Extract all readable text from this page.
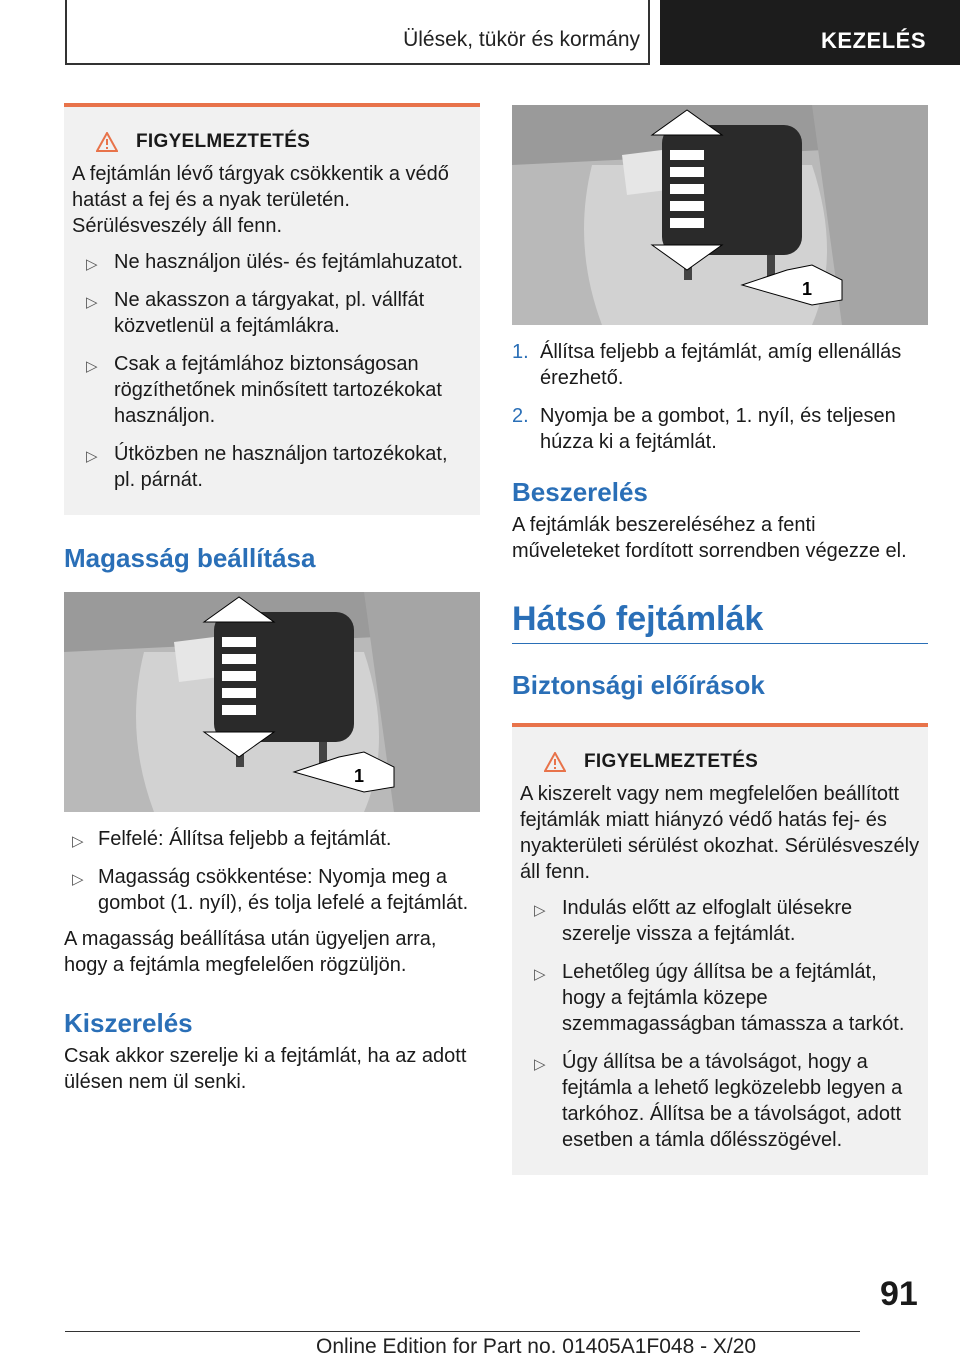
Ülések, tükör és kormány	KEZELÉS
FIGYELMEZTETÉS

A fejtámlán lévő tárgyak csökkentik a védő hatást a fej és a nyak területén. Sérülésveszély áll fenn.

▷ Ne használjon ülés- és fejtámlahuzatot.
▷ Ne akasszon a tárgyakat, pl. vállfát közvetlenül a fejtámlákra.
▷ Csak a fejtámlához biztonságosan rögzíthetőnek minősített tartozékokat használjon.
▷ Útközben ne használjon tartozékokat, pl. párnát.
Magasság beállítása
1
▷ Felfelé: Állítsa feljebb a fejtámlát.
▷ Magasság csökkentése: Nyomja meg a gombot (1. nyíl), és tolja lefelé a fejtámlát.

A magasság beállítása után ügyeljen arra, hogy a fejtámla megfelelően rögzüljön.

Kiszerelés

Csak akkor szerelje ki a fejtámlát, ha az adott ülésen nem ül senki.

1
1. Állítsa feljebb a fejtámlát, amíg ellenállás érezhető.
2. Nyomja be a gombot, 1. nyíl, és teljesen húzza ki a fejtámlát.
Beszerelés

A fejtámlák beszereléséhez a fenti műveleteket fordított sorrendben végezze el.

Hátsó fejtámlák
Biztonsági előírások
FIGYELMEZTETÉS

A kiszerelt vagy nem megfelelően beállított fejtámlák miatt hiányzó védő hatás fej- és nyakterületi sérülést okozhat. Sérülésveszély áll fenn.

▷ Indulás előtt az elfoglalt ülésekre szerelje vissza a fejtámlát.
▷ Lehetőleg úgy állítsa be a fejtámlát, hogy a fejtámla közepe szemmagasságban támassza a tarkót.
▷ Úgy állítsa be a távolságot, hogy a fejtámla a lehető legközelebb legyen a tarkóhoz. Állítsa be a távolságot, adott esetben a támla dőlésszögével.
91
Online Edition for Part no. 01405A1F048 - X/20
